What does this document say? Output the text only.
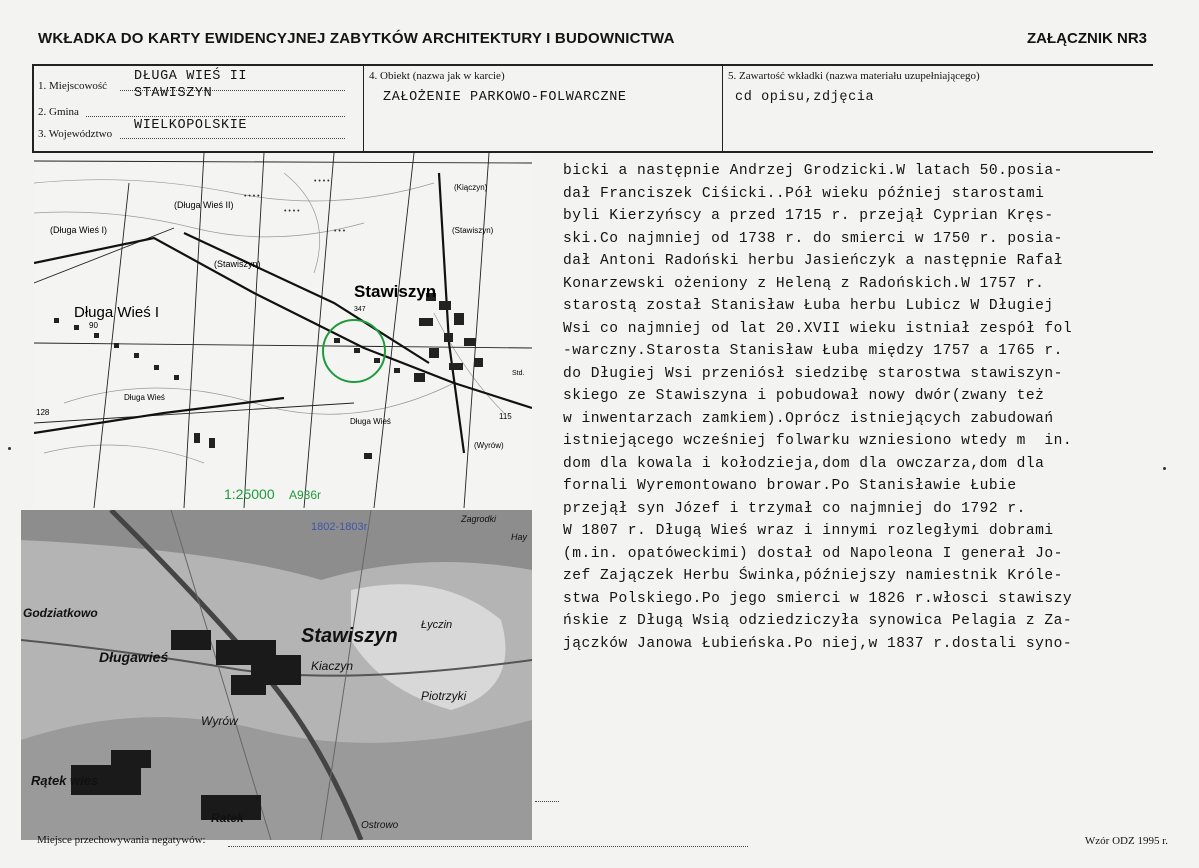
WKŁADKA DO KARTY EWIDENCYJNEJ ZABYTKÓW ARCHITEKTURY I BUDOWNICTWA	ZAŁĄCZNIK NR3
1. Miejscowość
DŁUGA WIEŚ II
2. Gmina
STAWISZYN
3. Województwo
WIELKOPOLSKIE
4. Obiekt (nazwa jak w karcie)
ZAŁOŻENIE PARKOWO-FOLWARCZNE
5. Zawartość wkładki (nazwa materiału uzupełniającego)
cd opisu,zdjęcia
• • • •
• • • •
• • • •
• • •
(Długa Wieś II)
(Długa Wieś I)
(Stawiszyn)
Stawiszyn
Długa Wieś I
Długa Wieś
Długa Wieś
(Kiączyn)
(Stawiszyn)
(Wyrów)
Std.
90
128	115
347
1:25000 A936r
Stawiszyn
Kiaczyn
Długawieś
Godziatkowo
Wyrów
Ratek
Rątek wies
Piotrzyki
Zagrodki
Hay
Łyczin
Ostrowo
1802-1803r.
bicki a następnie Andrzej Grodzicki.W latach 50.posia-
dał Franciszek Ciśicki..Pół wieku później starostami
byli Kierzyńscy a przed 1715 r. przejął Cyprian Kręs-
ski.Co najmniej od 1738 r. do smierci w 1750 r. posia-
dał Antoni Radoński herbu Jasieńczyk a następnie Rafał
Konarzewski ożeniony z Heleną z Radońskich.W 1757 r.
starostą został Stanisław Łuba herbu Lubicz W Długiej
Wsi co najmniej od lat 20.XVII wieku istniał zespół fol
-warczny.Starosta Stanisław Łuba między 1757 a 1765 r.
do Długiej Wsi przeniósł siedzibę starostwa stawiszyn-
skiego ze Stawiszyna i pobudował nowy dwór(zwany też
w inwentarzach zamkiem).Oprócz istniejących zabudowań
istniejącego wcześniej folwarku wzniesiono wtedy m  in.
dom dla kowala i kołodzieja,dom dla owczarza,dom dla
fornali Wyremontowano browar.Po Stanisławie Łubie
przejął syn Józef i trzymał co najmniej do 1792 r.
W 1807 r. Długą Wieś wraz i innymi rozległymi dobrami
(m.in. opatóweckimi) dostał od Napoleona I generał Jo-
zef Zajączek Herbu Świnka,późniejszy namiestnik Króle-
stwa Polskiego.Po jego smierci w 1826 r.włosci stawiszy
ńskie z Długą Wsią odziedziczyła synowica Pelagia z Za-
jączków Janowa Łubieńska.Po niej,w 1837 r.dostali syno-
Miejsce przechowywania negatywów:	Wzór ODZ 1995 r.
